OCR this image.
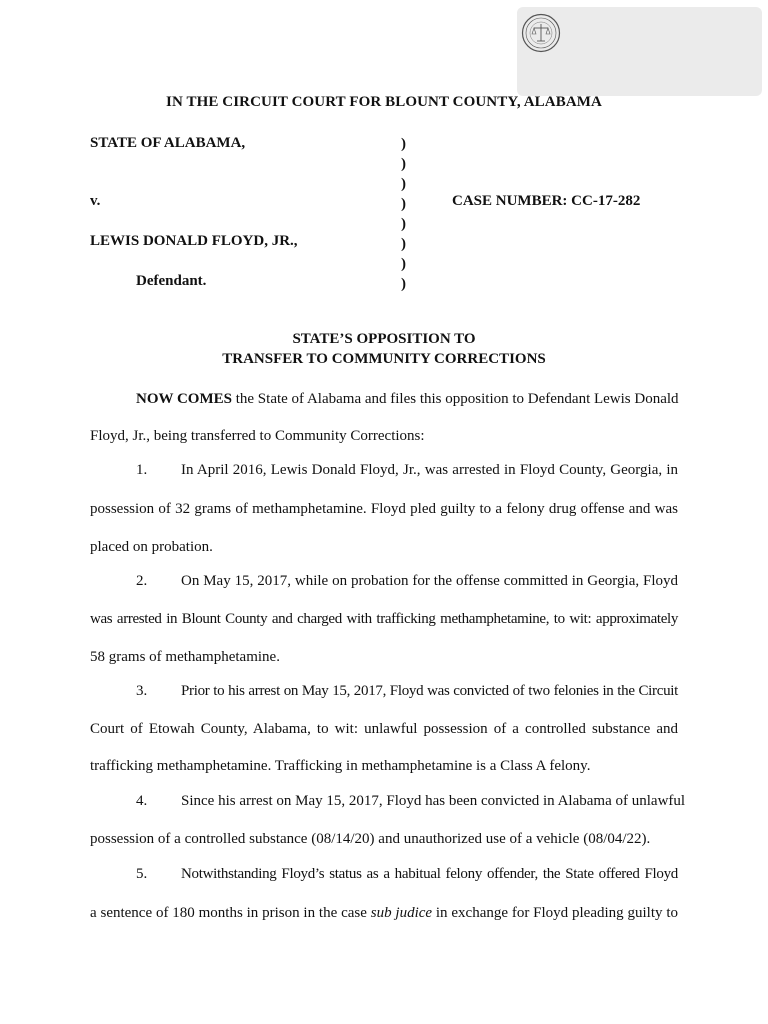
IN THE CIRCUIT COURT FOR BLOUNT COUNTY, ALABAMA
STATE OF ALABAMA,
v.
LEWIS DONALD FLOYD, JR.,
Defendant.
)
)
)
)
)
)
)
)
CASE NUMBER: CC-17-282
STATE’S OPPOSITION TO
TRANSFER TO COMMUNITY CORRECTIONS
NOW COMES the State of Alabama and files this opposition to Defendant Lewis Donald
Floyd, Jr., being transferred to Community Corrections:
1. In April 2016, Lewis Donald Floyd, Jr., was arrested in Floyd County, Georgia, in
possession of 32 grams of methamphetamine. Floyd pled guilty to a felony drug offense and was
placed on probation.
2. On May 15, 2017, while on probation for the offense committed in Georgia, Floyd
was arrested in Blount County and charged with trafficking methamphetamine, to wit: approximately
58 grams of methamphetamine.
3. Prior to his arrest on May 15, 2017, Floyd was convicted of two felonies in the Circuit
Court of Etowah County, Alabama, to wit: unlawful possession of a controlled substance and
trafficking methamphetamine. Trafficking in methamphetamine is a Class A felony.
4. Since his arrest on May 15, 2017, Floyd has been convicted in Alabama of unlawful
possession of a controlled substance (08/14/20) and unauthorized use of a vehicle (08/04/22).
5. Notwithstanding Floyd’s status as a habitual felony offender, the State offered Floyd
a sentence of 180 months in prison in the case sub judice in exchange for Floyd pleading guilty to
